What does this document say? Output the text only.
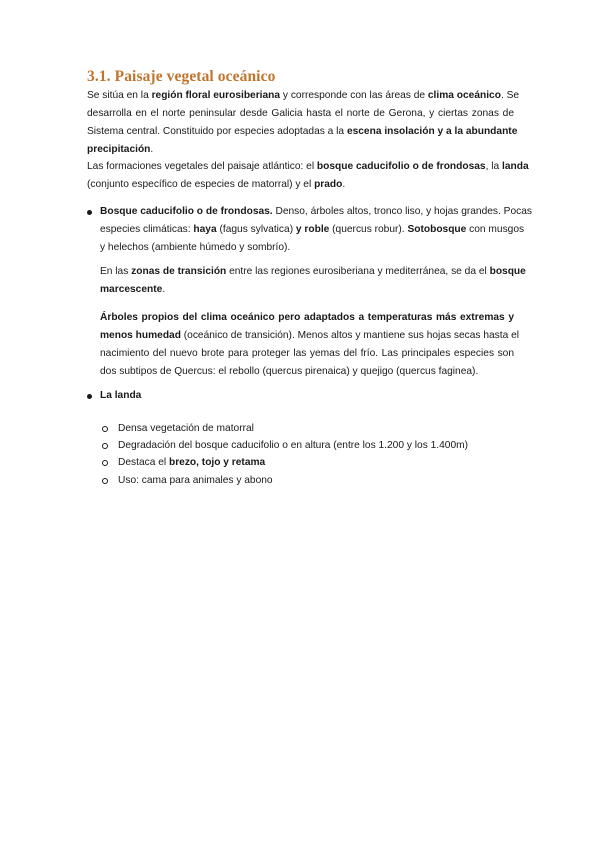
3.1. Paisaje vegetal oceánico
Se sitúa en la región floral eurosiberiana y corresponde con las áreas de clima oceánico. Se
desarrolla en el norte peninsular desde Galicia hasta el norte de Gerona, y ciertas zonas de
Sistema central. Constituido por especies adoptadas a la escena insolación y a la abundante
precipitación.
Las formaciones vegetales del paisaje atlántico: el bosque caducifolio o de frondosas, la landa
(conjunto específico de especies de matorral) y el prado.
Bosque caducifolio o de frondosas. Denso, árboles altos, tronco liso, y hojas grandes. Pocas
especies climáticas: haya (fagus sylvatica) y roble (quercus robur). Sotobosque con musgos
y helechos (ambiente húmedo y sombrío).
En las zonas de transición entre las regiones eurosiberiana y mediterránea, se da el bosque
marcescente.
Árboles propios del clima oceánico pero adaptados a temperaturas más extremas y
menos humedad (oceánico de transición). Menos altos y mantiene sus hojas secas hasta el
nacimiento del nuevo brote para proteger las yemas del frío. Las principales especies son
dos subtipos de Quercus: el rebollo (quercus pirenaica) y quejigo (quercus faginea).
La landa
Densa vegetación de matorral
Degradación del bosque caducifolio o en altura (entre los 1.200 y los 1.400m)
Destaca el brezo, tojo y retama
Uso: cama para animales y abono
